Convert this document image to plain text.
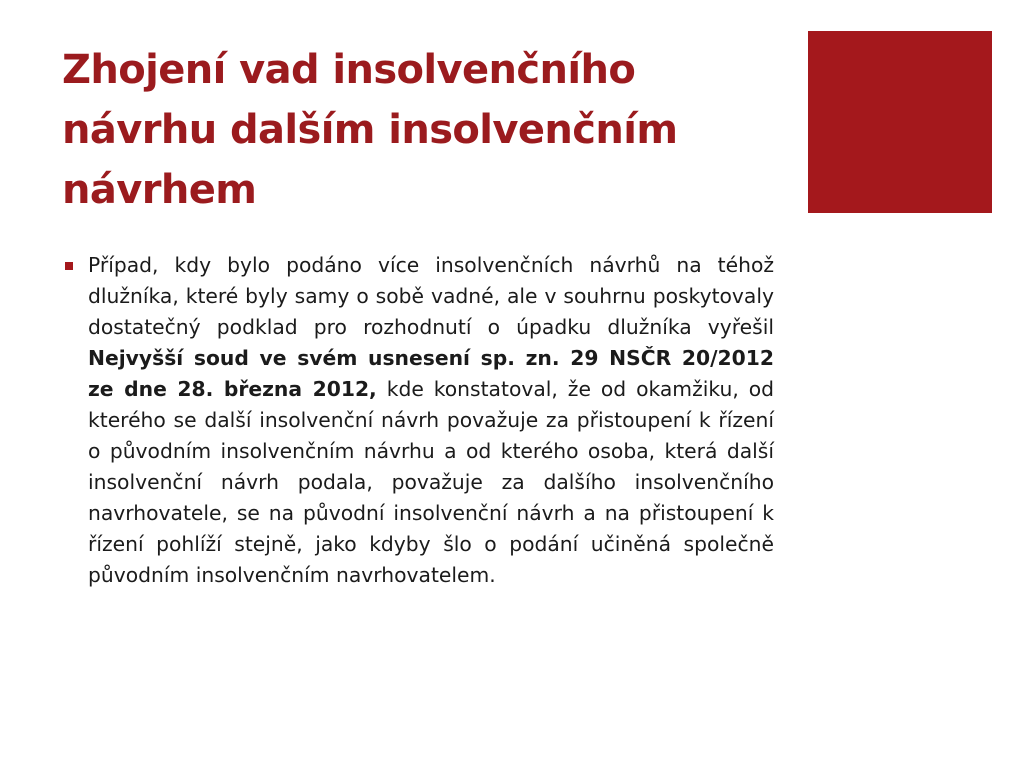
Zhojení vad insolvenčního návrhu dalším insolvenčním návrhem

Případ, kdy bylo podáno více insolvenčních návrhů na téhož dlužníka, které byly samy o sobě vadné, ale v souhrnu poskytovaly dostatečný podklad pro rozhodnutí o úpadku dlužníka vyřešil Nejvyšší soud ve svém usnesení sp. zn. 29 NSČR 20/2012 ze dne 28. března 2012, kde konstatoval, že od okamžiku, od kterého se další insolvenční návrh považuje za přistoupení k řízení o původním insolvenčním návrhu a od kterého osoba, která další insolvenční návrh podala, považuje za dalšího insolvenčního navrhovatele, se na původní insolvenční návrh a na přistoupení k řízení pohlíží stejně, jako kdyby šlo o podání učiněná společně původním insolvenčním navrhovatelem.
